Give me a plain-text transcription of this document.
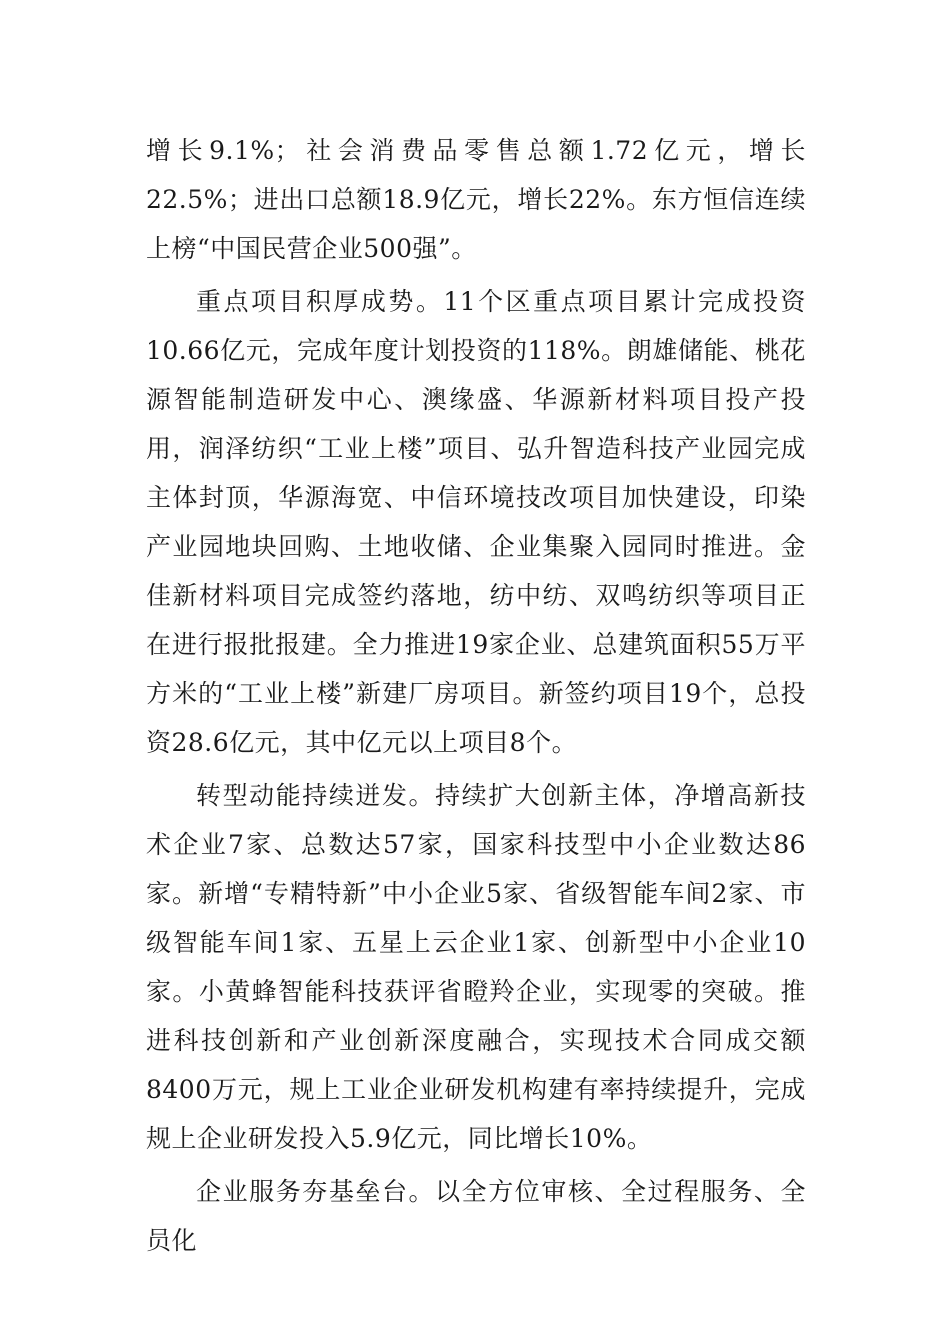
增长9.1%；社会消费品零售总额1.72亿元，增长22.5%；进出口总额18.9亿元，增长22%。东方恒信连续上榜“中国民营企业500强”。

重点项目积厚成势。11个区重点项目累计完成投资10.66亿元，完成年度计划投资的118%。朗雄储能、桃花源智能制造研发中心、澳缘盛、华源新材料项目投产投用，润泽纺织“工业上楼”项目、弘升智造科技产业园完成主体封顶，华源海宽、中信环境技改项目加快建设，印染产业园地块回购、土地收储、企业集聚入园同时推进。金佳新材料项目完成签约落地，纺中纺、双鸣纺织等项目正在进行报批报建。全力推进19家企业、总建筑面积55万平方米的“工业上楼”新建厂房项目。新签约项目19个，总投资28.6亿元，其中亿元以上项目8个。

转型动能持续迸发。持续扩大创新主体，净增高新技术企业7家、总数达57家，国家科技型中小企业数达86家。新增“专精特新”中小企业5家、省级智能车间2家、市级智能车间1家、五星上云企业1家、创新型中小企业10家。小黄蜂智能科技获评省瞪羚企业，实现零的突破。推进科技创新和产业创新深度融合，实现技术合同成交额8400万元，规上工业企业研发机构建有率持续提升，完成规上企业研发投入5.9亿元，同比增长10%。

企业服务夯基垒台。以全方位审核、全过程服务、全员化
